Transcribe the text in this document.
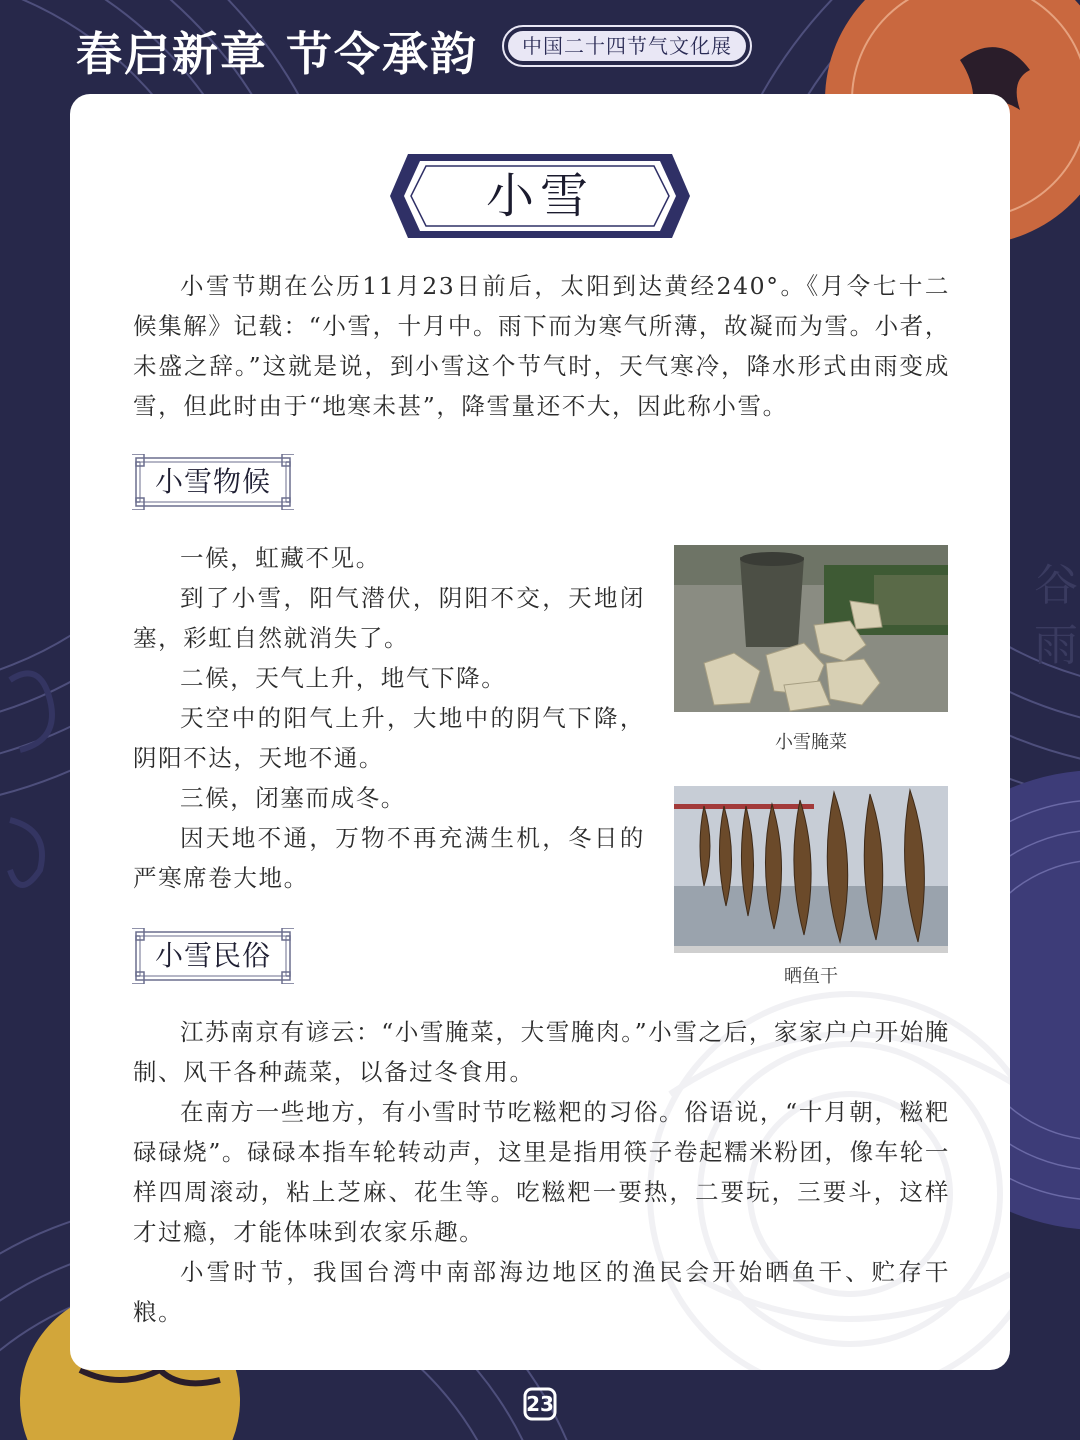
谷
雨
春启新章 节令承韵	中国二十四节气文化展
小雪

小雪节期在公历11月23日前后，太阳到达黄经240°。《月令七十二候集解》记载：“小雪，十月中。雨下而为寒气所薄，故凝而为雪。小者，未盛之辞。”这就是说，到小雪这个节气时，天气寒冷，降水形式由雨变成雪，但此时由于“地寒未甚”，降雪量还不大，因此称小雪。

小雪物候

一候，虹藏不见。

到了小雪，阳气潜伏，阴阳不交，天地闭塞，彩虹自然就消失了。

二候，天气上升，地气下降。

天空中的阳气上升，大地中的阴气下降，阴阳不达，天地不通。

三候，闭塞而成冬。

因天地不通，万物不再充满生机，冬日的严寒席卷大地。

小雪腌菜
晒鱼干
小雪民俗

江苏南京有谚云：“小雪腌菜，大雪腌肉。”小雪之后，家家户户开始腌制、风干各种蔬菜，以备过冬食用。

在南方一些地方，有小雪时节吃糍粑的习俗。俗语说，“十月朝，糍粑碌碌烧”。碌碌本指车轮转动声，这里是指用筷子卷起糯米粉团，像车轮一样四周滚动，粘上芝麻、花生等。吃糍粑一要热，二要玩，三要斗，这样才过瘾，才能体味到农家乐趣。

小雪时节，我国台湾中南部海边地区的渔民会开始晒鱼干、贮存干粮。

23
